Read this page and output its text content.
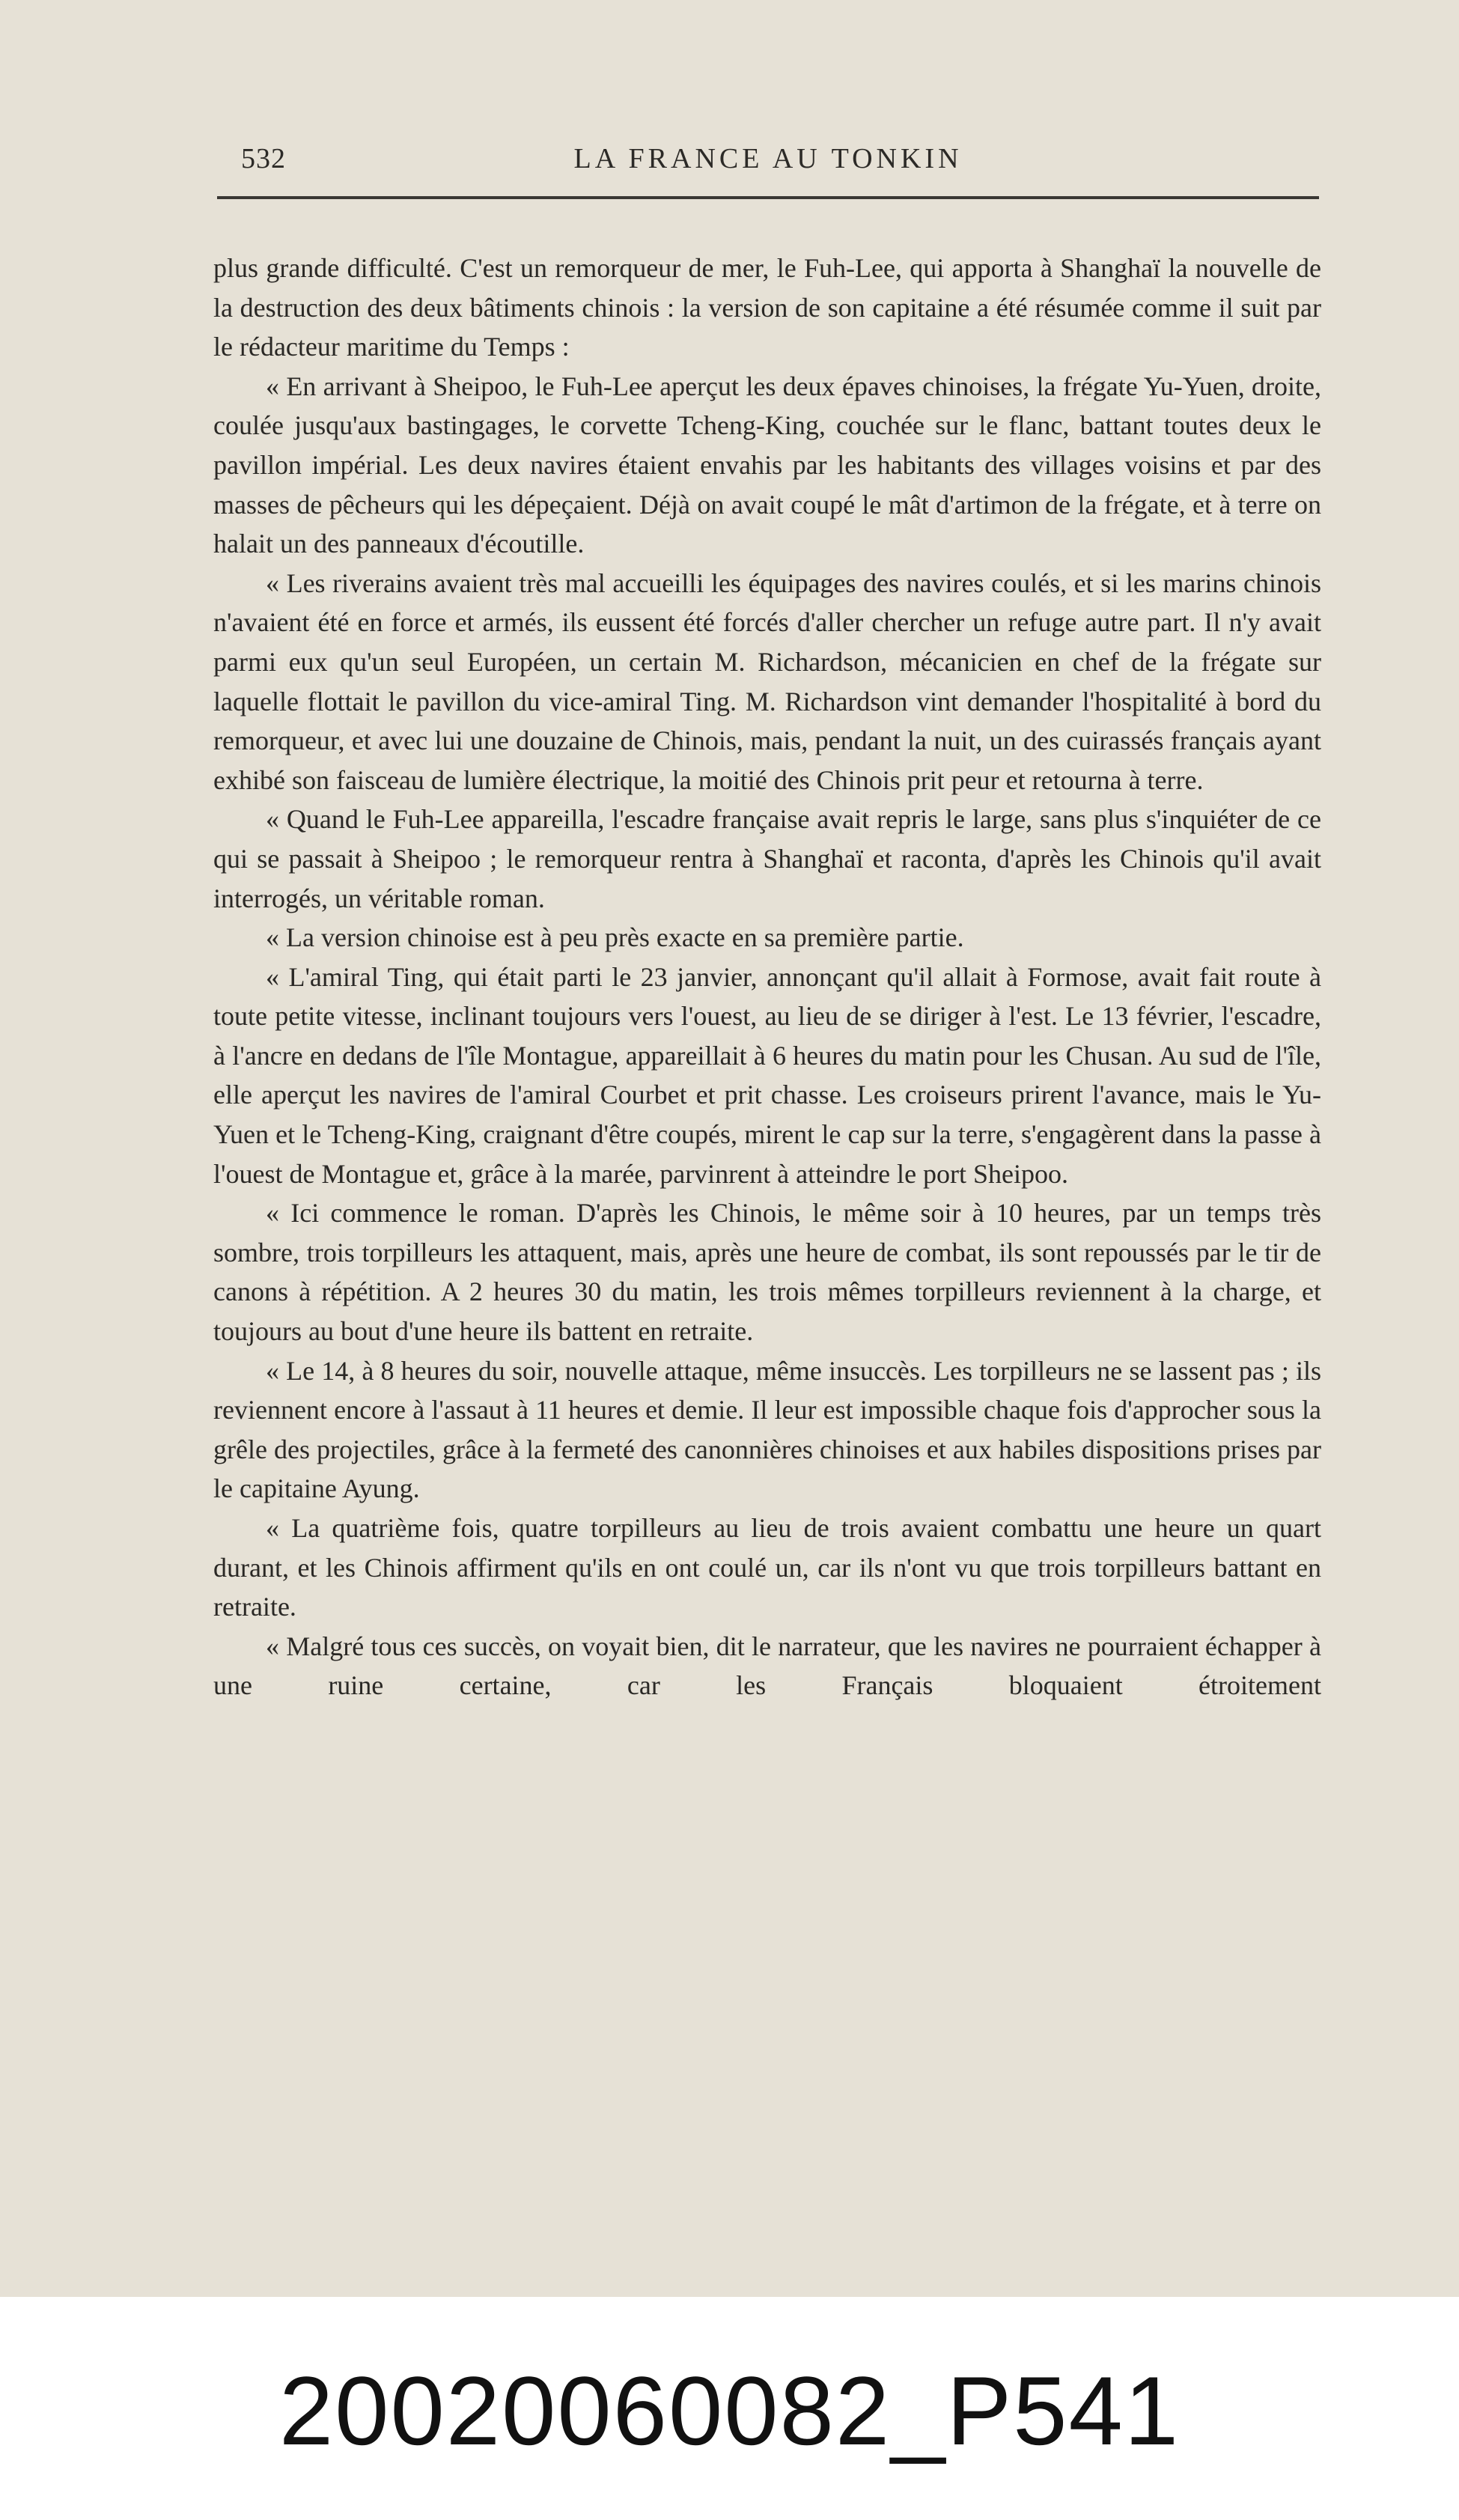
532	LA FRANCE AU TONKIN

plus grande difficulté. C'est un remorqueur de mer, le Fuh-Lee, qui apporta à Shanghaï la nouvelle de la destruction des deux bâtiments chinois : la version de son capitaine a été résumée comme il suit par le rédacteur maritime du Temps :

« En arrivant à Sheipoo, le Fuh-Lee aperçut les deux épaves chinoises, la frégate Yu-Yuen, droite, coulée jusqu'aux bastingages, le corvette Tcheng-King, couchée sur le flanc, battant toutes deux le pavillon impérial. Les deux navires étaient envahis par les habitants des villages voisins et par des masses de pêcheurs qui les dépeçaient. Déjà on avait coupé le mât d'artimon de la frégate, et à terre on halait un des panneaux d'écoutille.

« Les riverains avaient très mal accueilli les équipages des navires coulés, et si les marins chinois n'avaient été en force et armés, ils eussent été forcés d'aller chercher un refuge autre part. Il n'y avait parmi eux qu'un seul Européen, un certain M. Richardson, mécanicien en chef de la frégate sur laquelle flottait le pavillon du vice-amiral Ting. M. Richardson vint demander l'hospitalité à bord du remorqueur, et avec lui une douzaine de Chinois, mais, pendant la nuit, un des cuirassés français ayant exhibé son faisceau de lumière électrique, la moitié des Chinois prit peur et retourna à terre.

« Quand le Fuh-Lee appareilla, l'escadre française avait repris le large, sans plus s'inquiéter de ce qui se passait à Sheipoo ; le remorqueur rentra à Shanghaï et raconta, d'après les Chinois qu'il avait interrogés, un véritable roman.

« La version chinoise est à peu près exacte en sa première partie.

« L'amiral Ting, qui était parti le 23 janvier, annonçant qu'il allait à Formose, avait fait route à toute petite vitesse, inclinant toujours vers l'ouest, au lieu de se diriger à l'est. Le 13 février, l'escadre, à l'ancre en dedans de l'île Montague, appareillait à 6 heures du matin pour les Chusan. Au sud de l'île, elle aperçut les navires de l'amiral Courbet et prit chasse. Les croiseurs prirent l'avance, mais le Yu-Yuen et le Tcheng-King, craignant d'être coupés, mirent le cap sur la terre, s'engagèrent dans la passe à l'ouest de Montague et, grâce à la marée, parvinrent à atteindre le port Sheipoo.

« Ici commence le roman. D'après les Chinois, le même soir à 10 heures, par un temps très sombre, trois torpilleurs les attaquent, mais, après une heure de combat, ils sont repoussés par le tir de canons à répétition. A 2 heures 30 du matin, les trois mêmes torpilleurs reviennent à la charge, et toujours au bout d'une heure ils battent en retraite.

« Le 14, à 8 heures du soir, nouvelle attaque, même insuccès. Les torpilleurs ne se lassent pas ; ils reviennent encore à l'assaut à 11 heures et demie. Il leur est impossible chaque fois d'approcher sous la grêle des projectiles, grâce à la fermeté des canonnières chinoises et aux habiles dispositions prises par le capitaine Ayung.

« La quatrième fois, quatre torpilleurs au lieu de trois avaient combattu une heure un quart durant, et les Chinois affirment qu'ils en ont coulé un, car ils n'ont vu que trois torpilleurs battant en retraite.

« Malgré tous ces succès, on voyait bien, dit le narrateur, que les navires ne pourraient échapper à une ruine certaine, car les Français bloquaient étroitement

20020060082_P541
